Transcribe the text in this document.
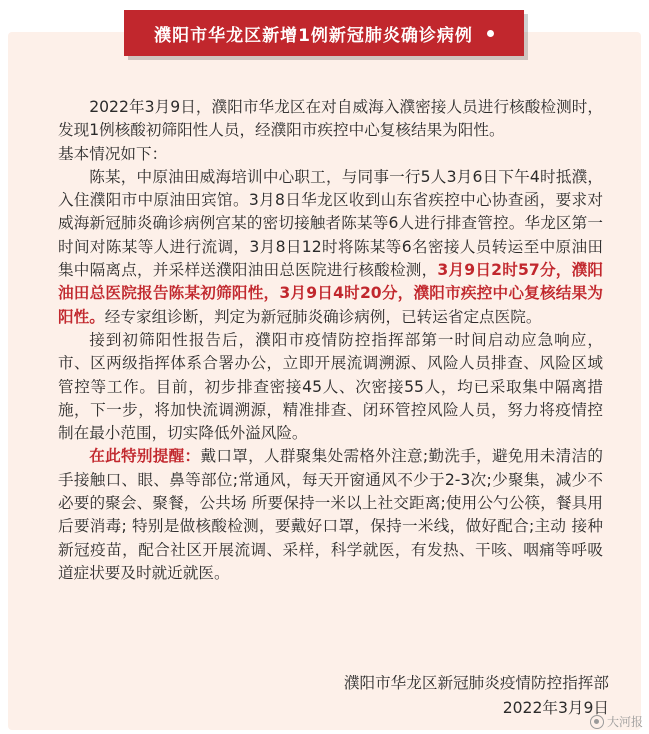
濮阳市华龙区新增1例新冠肺炎确诊病例

2022年3月9日，濮阳市华龙区在对自威海入濮密接人员进行核酸检测时，发现1例核酸初筛阳性人员，经濮阳市疾控中心复核结果为阳性。

基本情况如下：

陈某，中原油田威海培训中心职工，与同事一行5人3月6日下午4时抵濮，入住濮阳市中原油田宾馆。3月8日华龙区收到山东省疾控中心协查函，要求对威海新冠肺炎确诊病例宫某的密切接触者陈某等6人进行排查管控。华龙区第一时间对陈某等人进行流调，3月8日12时将陈某等6名密接人员转运至中原油田集中隔离点，并采样送濮阳油田总医院进行核酸检测，3月9日2时57分，濮阳油田总医院报告陈某初筛阳性，3月9日4时20分，濮阳市疾控中心复核结果为阳性。经专家组诊断，判定为新冠肺炎确诊病例，已转运省定点医院。

接到初筛阳性报告后，濮阳市疫情防控指挥部第一时间启动应急响应，市、区两级指挥体系合署办公，立即开展流调溯源、风险人员排查、风险区域管控等工作。目前，初步排查密接45人、次密接55人，均已采取集中隔离措施，下一步，将加快流调溯源，精准排查、闭环管控风险人员，努力将疫情控制在最小范围，切实降低外溢风险。

在此特别提醒：戴口罩，人群聚集处需格外注意;勤洗手，避免用未清洁的手接触口、眼、鼻等部位;常通风，每天开窗通风不少于2-3次;少聚集，减少不必要的聚会、聚餐，公共场 所要保持一米以上社交距离;使用公勺公筷，餐具用后要消毒; 特别是做核酸检测，要戴好口罩，保持一米线，做好配合;主动 接种新冠疫苗，配合社区开展流调、采样，科学就医，有发热、干咳、咽痛等呼吸道症状要及时就近就医。

濮阳市华龙区新冠肺炎疫情防控指挥部
2022年3月9日
大河报
